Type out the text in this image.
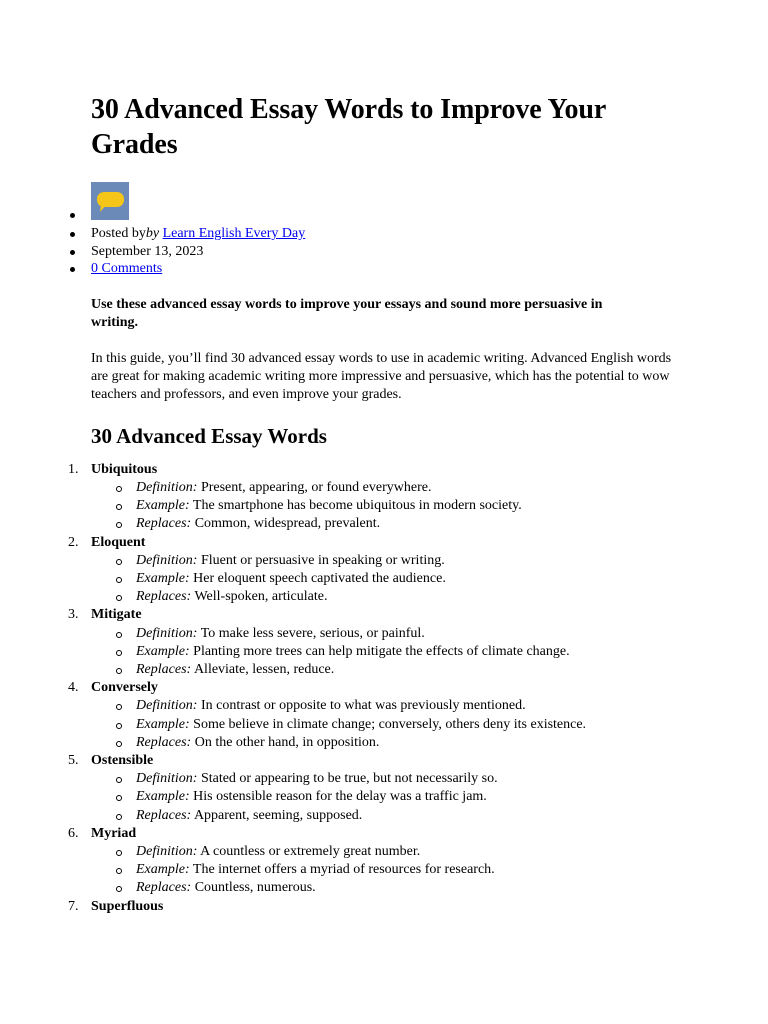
30 Advanced Essay Words to Improve Your Grades
Posted byby Learn English Every Day
September 13, 2023
0 Comments

Use these advanced essay words to improve your essays and sound more persuasive in writing.

In this guide, you’ll find 30 advanced essay words to use in academic writing. Advanced English words are great for making academic writing more impressive and persuasive, which has the potential to wow teachers and professors, and even improve your grades.

30 Advanced Essay Words
1. Ubiquitous
Definition: Present, appearing, or found everywhere.
Example: The smartphone has become ubiquitous in modern society.
Replaces: Common, widespread, prevalent.
2. Eloquent
Definition: Fluent or persuasive in speaking or writing.
Example: Her eloquent speech captivated the audience.
Replaces: Well-spoken, articulate.
3. Mitigate
Definition: To make less severe, serious, or painful.
Example: Planting more trees can help mitigate the effects of climate change.
Replaces: Alleviate, lessen, reduce.
4. Conversely
Definition: In contrast or opposite to what was previously mentioned.
Example: Some believe in climate change; conversely, others deny its existence.
Replaces: On the other hand, in opposition.
5. Ostensible
Definition: Stated or appearing to be true, but not necessarily so.
Example: His ostensible reason for the delay was a traffic jam.
Replaces: Apparent, seeming, supposed.
6. Myriad
Definition: A countless or extremely great number.
Example: The internet offers a myriad of resources for research.
Replaces: Countless, numerous.
7. Superfluous
